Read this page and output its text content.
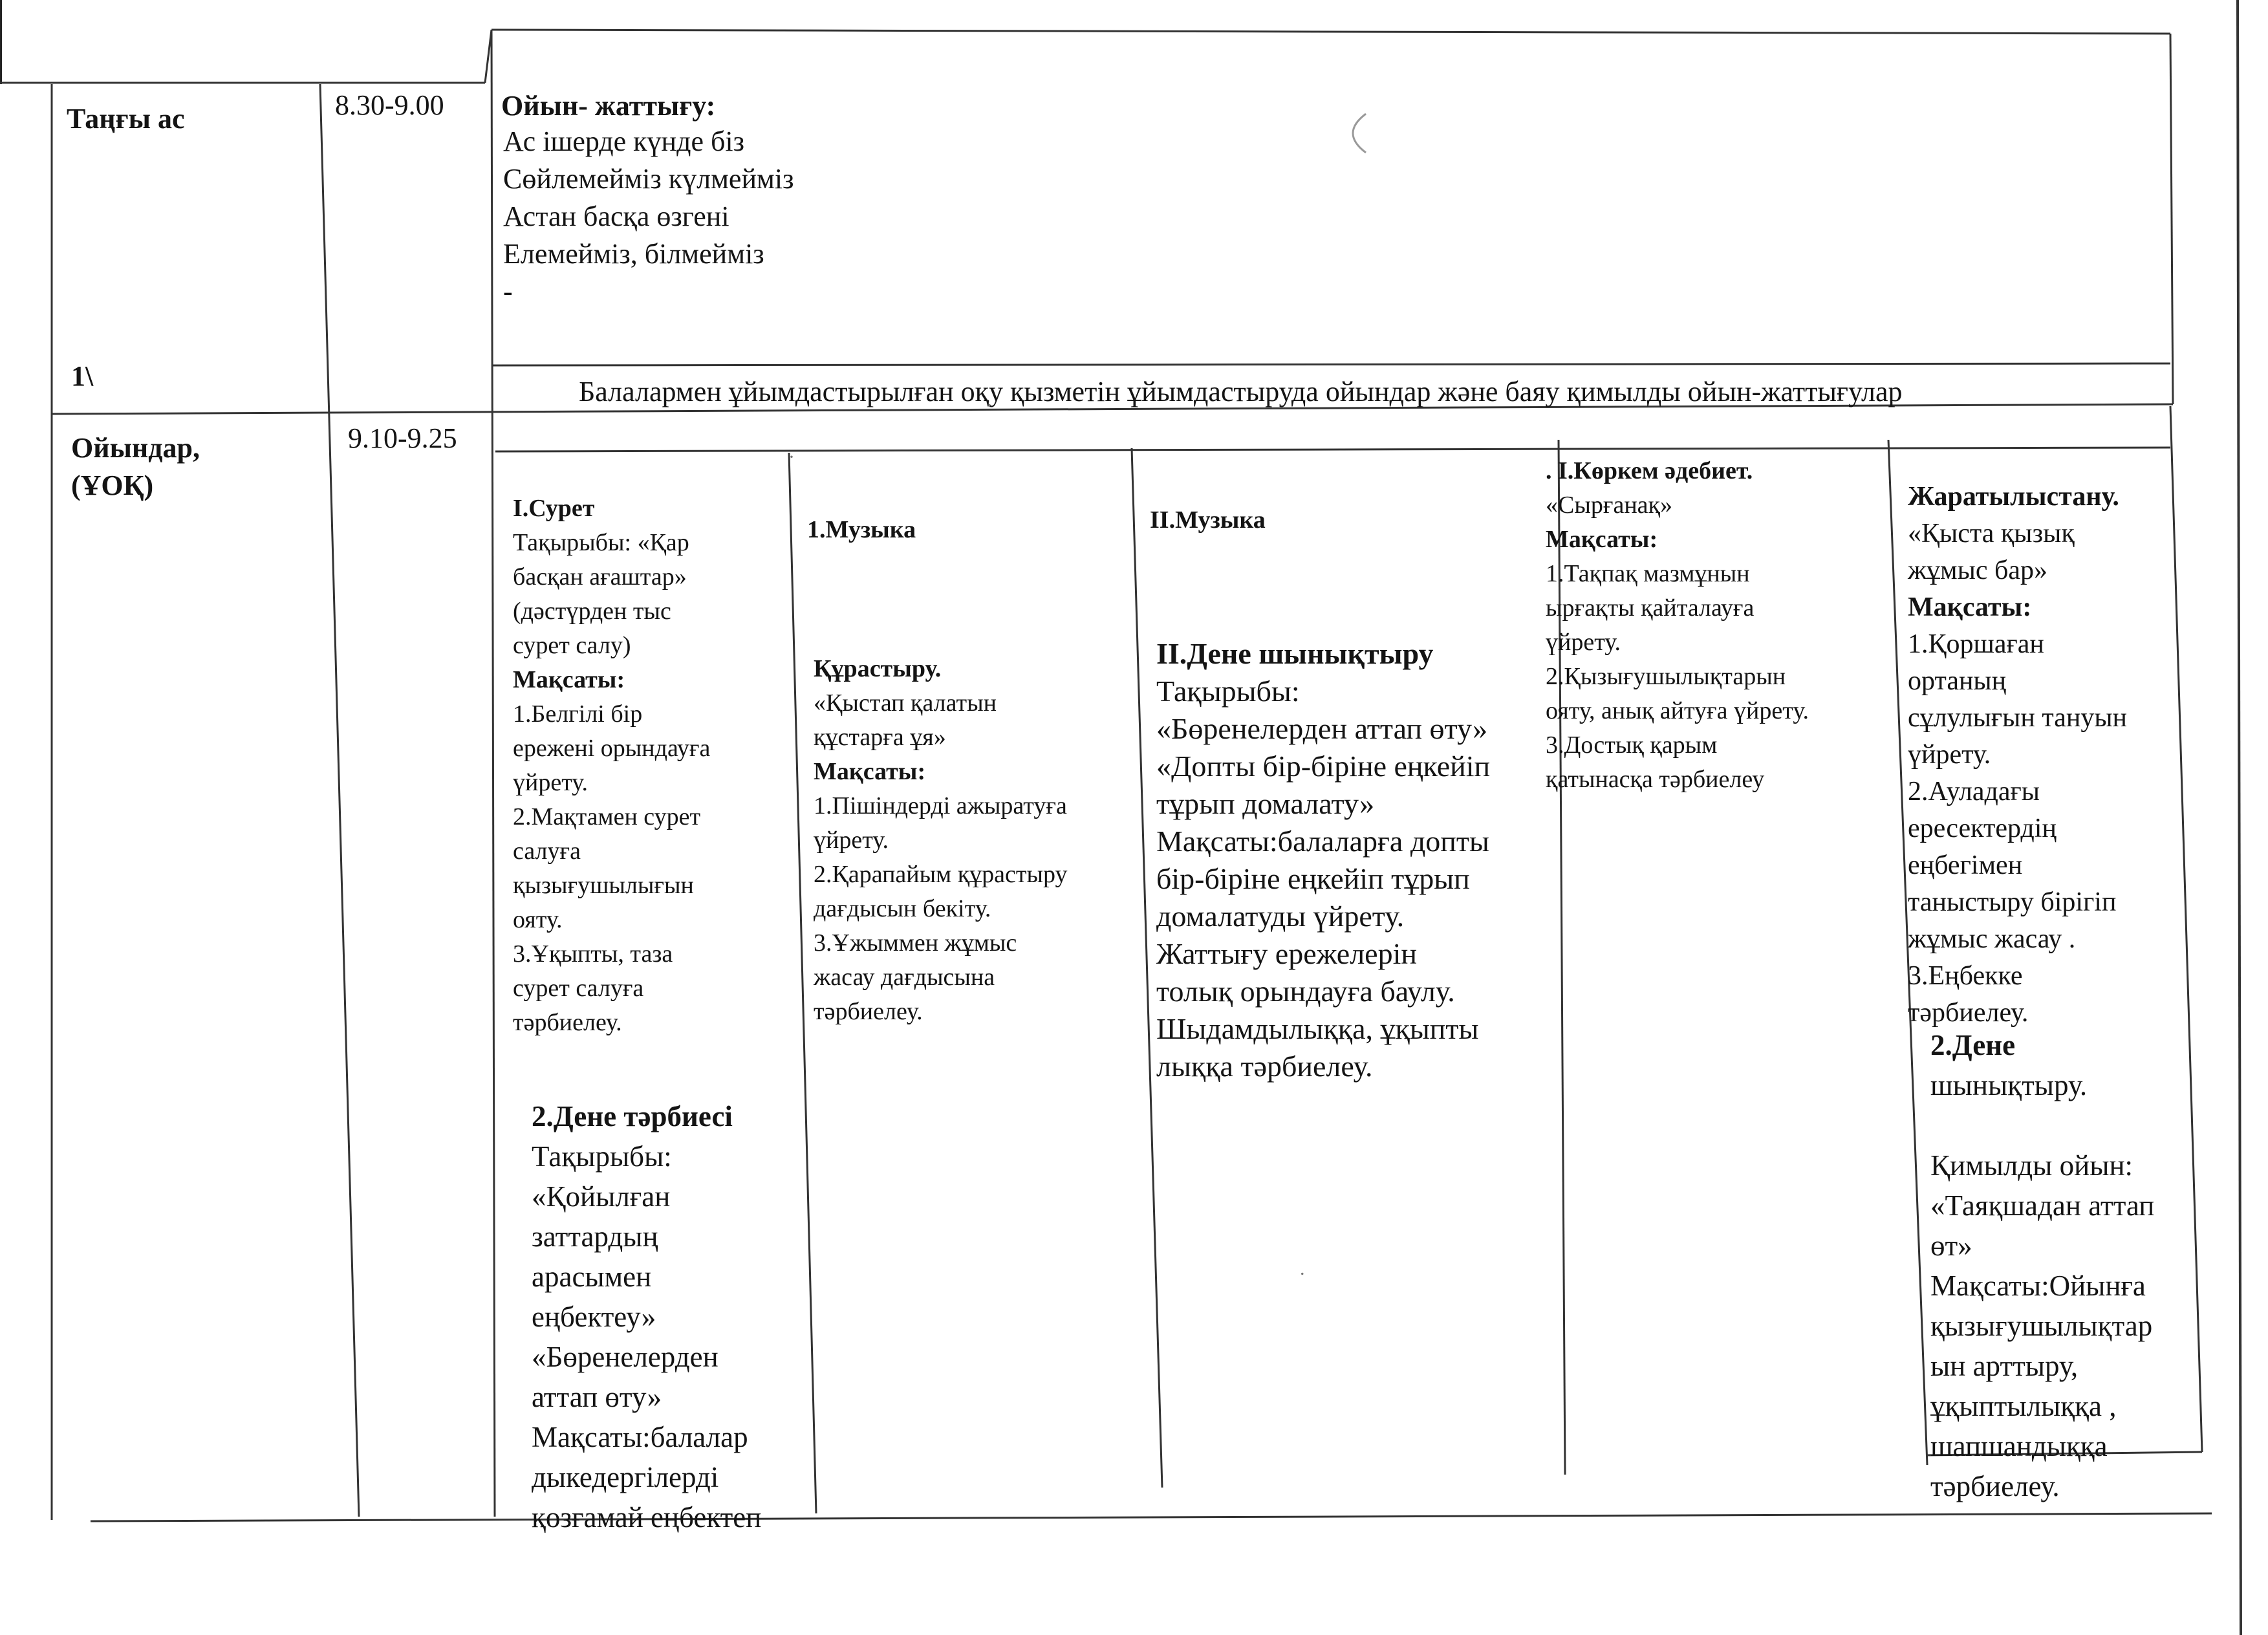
Таңғы ас
1\
8.30-9.00 Ойын- жаттығу:

Ас ішерде күнде біз

Сөйлемейміз күлмейміз

Астан басқа өзгені

Елемейміз, білмейміз

-

Ойындар,

(ҰОҚ)

9.10-9.25
Балалармен ұйымдастырылған оқу қызметін ұйымдастыруда ойындар және баяу қимылды ойын-жаттығулар

І.Сурет

Тақырыбы: «Қар

басқан ағаштар»

(дәстүрден тыс

сурет салу)

Мақсаты:

1.Белгілі бір

ережені орындауға

үйрету.

2.Мақтамен сурет

салуға

қызығушылығын

ояту.

3.Ұқыпты, таза

сурет салуға

тәрбиелеу.

2.Дене тәрбиесі

Тақырыбы:

«Қойылған

заттардың

арасымен

еңбектеу»

«Бөренелерден

аттап өту»

Мақсаты:балалар

дыкедергілерді

қозғамай еңбектеп

1.Музыка

Құрастыру.

«Қыстап қалатын

құстарға ұя»

Мақсаты:

1.Пішіндерді ажыратуға

үйрету.

2.Қарапайым құрастыру

дағдысын бекіту.

3.Ұжыммен жұмыс

жасау дағдысына

тәрбиелеу.

ІІ.Музыка

ІІ.Дене шынықтыру

Тақырыбы:

«Бөренелерден аттап өту»

«Допты бір-біріне еңкейіп

тұрып домалату»

Мақсаты:балаларға допты

бір-біріне еңкейіп тұрып

домалатуды үйрету.

Жаттығу ережелерін

толық орындауға баулу.

Шыдамдылыққа, ұқыпты

лыққа тәрбиелеу.

. І.Көркем әдебиет.

«Сырғанақ»

Мақсаты:

1.Тақпақ мазмұнын

ырғақты қайталауға

үйрету.

2.Қызығушылықтарын

ояту, анық айтуға үйрету.

3.Достық қарым

қатынасқа тәрбиелеу

Жаратылыстану.

«Қыста қызық

жұмыс бар»

Мақсаты:

1.Қоршаған

ортаның

сұлулығын тануын

үйрету.

2.Ауладағы

ересектердің

еңбегімен

таныстыру бірігіп

жұмыс жасау .

3.Еңбекке

тәрбиелеу.

2.Дене

шынықтыру.

Қимылды ойын:

«Таяқшадан аттап

өт»

Мақсаты:Ойынға

қызығушылықтар

ын арттыру,

ұқыптылыққа ,

шапшандыққа

тәрбиелеу.

·
.
